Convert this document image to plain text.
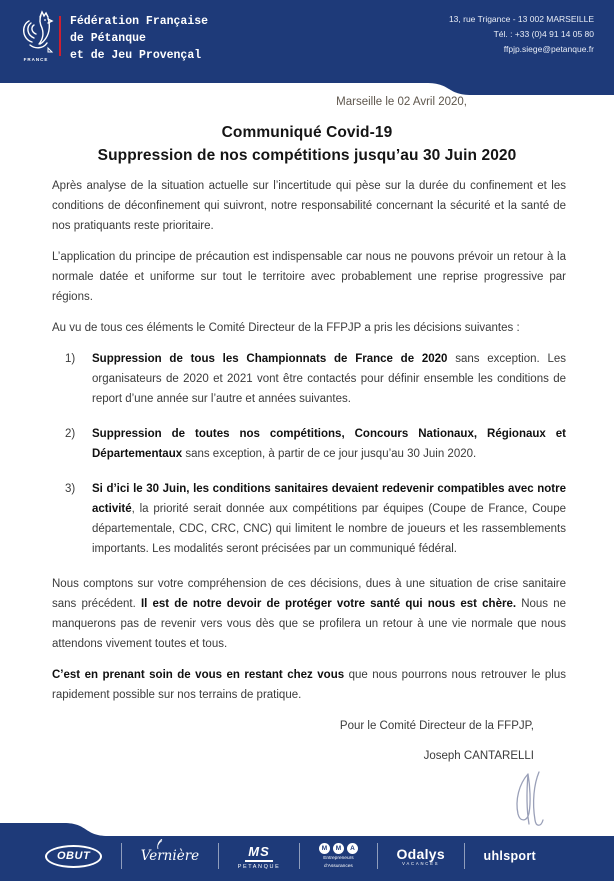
FRANCE
Fédération Française
de Pétanque
et de Jeu Provençal
13, rue Trigance - 13 002 MARSEILLE
Tél. : +33 (0)4 91 14 05 80
ffpjp.siege@petanque.fr
Marseille le 02 Avril 2020,
Communiqué Covid-19
Suppression de nos compétitions jusqu’au 30 Juin 2020

Après analyse de la situation actuelle sur l’incertitude qui pèse sur la durée du confinement et les conditions de déconfinement qui suivront, notre responsabilité concernant la sécurité et la santé de nos pratiquants reste prioritaire.

L’application du principe de précaution est indispensable car nous ne pouvons prévoir un retour à la normale datée et uniforme sur tout le territoire avec probablement une reprise progressive par régions.

Au vu de tous ces éléments le Comité Directeur de la FFPJP a pris les décisions suivantes :

1)	Suppression de tous les Championnats de France de 2020 sans exception. Les organisateurs de 2020 et 2021 vont être contactés pour définir ensemble les conditions de report d’une année sur l’autre et années suivantes.
2)	Suppression de toutes nos compétitions, Concours Nationaux, Régionaux et Départementaux sans exception, à partir de ce jour jusqu’au 30 Juin 2020.
3)	Si d’ici le 30 Juin, les conditions sanitaires devaient redevenir compatibles avec notre activité, la priorité serait donnée aux compétitions par équipes (Coupe de France, Coupe départementale, CDC, CRC, CNC) qui limitent le nombre de joueurs et les rassemblements importants. Les modalités seront précisées par un communiqué fédéral.

Nous comptons sur votre compréhension de ces décisions, dues à une situation de crise sanitaire sans précédent. Il est de notre devoir de protéger votre santé qui nous est chère. Nous ne manquerons pas de revenir vers vous dès que se profilera un retour à une vie normale que nous attendons vivement toutes et tous.

C’est en prenant soin de vous en restant chez vous que nous pourrons nous retrouver le plus rapidement possible sur nos terrains de pratique.

Pour le Comité Directeur de la FFPJP,
Joseph CANTARELLI
OBUT	Vernière	MS
PETANQUE
M	M	A
Entrepreneurs
d’Assurances
Odalys
VACANCES
uhlsport
